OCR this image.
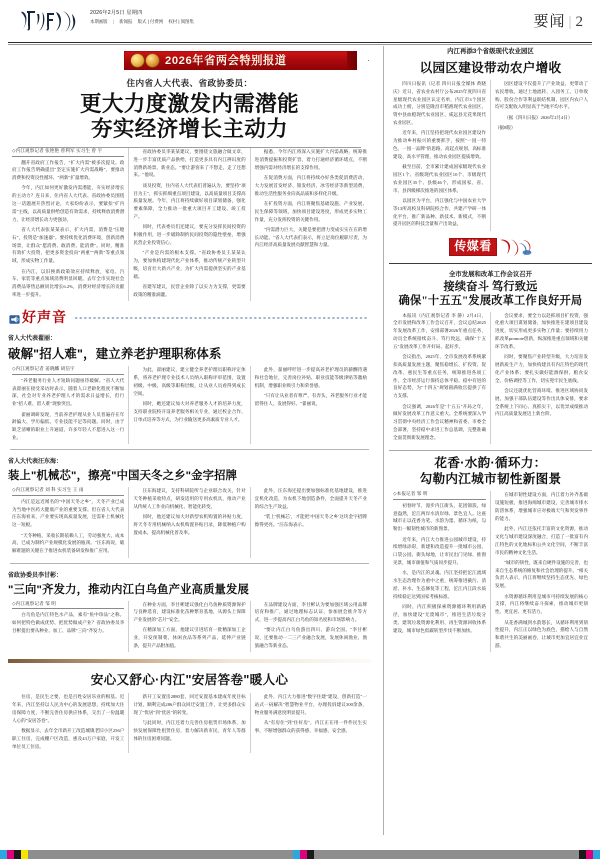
2026年2月5日 星期四
本期画版 | 新闻报 版式 | 付费网 权村 | 阅图集	要闻 | 2
2026年省两会特别报道
住内省人大代表、省政协委员：
更大力度激发内需潜能
夯实经济增长主动力
◇内江观察记者 张艳艳 曾利军 实习生 曾 宇

翻开省政府工作报告，"扩大内需"被多次提及。政府工作报告明确提出"坚定实施扩大内需战略"，要推动消费和投资良性循环、"两新"扩量增效。

今年，内江如何更好激发内需潜能，夯实经济增长的主动力？连日来，住内省人大代表、省政协委员围绕这一话题展开热烈讨论，大家纷纷表示，要紧扣"扩内需"主线，以高质量供给创造有效需求，持续释放消费潜力，让经济增长动力更强劲。

省人大代表张某某表示，扩大内需，消费是"压舱石"，投资是"加速器"。要持续优化消费环境，创新消费场景，让群众"愿消费、敢消费、能消费"。同时，精准有效扩大投资，把更多资金投向"两重""两新"等重点领域，形成实物工作量。

在内江，以旧换新政策效应持续释放，家电、汽车、家装等重点领域消费明显回暖。去年全市实现社会消费品零售总额同比增长6.2%，消费对经济增长的贡献率进一步提升。

省政协委员李某某建议，要围绕文旅融合做文章，进一步丰富优质产品供给，打造更多具有内江辨识度的消费新场景、新业态。"要让游客来了不想走、走了还想来。"他说。

谈及投资，住内省人大代表们普遍认为，要坚持"项目为王"，抓实抓细重点项目建设，以高质量项目支撑高质量发展。今年，内江将持续做好项目谋划储备，强化要素保障，全力推动一批重大项目开工建设、竣工投产。

同时，代表委员们还建议，要充分发挥民间投资的积极作用，进一步破除制约民间投资的隐性壁垒，增强民营企业投资信心。

"产业是内需的根本支撑。"省政协委员王某某认为，要加快构建现代化产业体系，推动传统产业转型升级，培育壮大新兴产业，为扩大内需提供坚实的产业基础。

省建军建议，民营企业除了以实力为支撑，更需要政策的精准滴灌。

据悉，今年内江将深入实施扩大内需战略，统筹推进消费提振和投资扩容，着力打通经济循环堵点，不断增强内需对经济增长的支撑作用。

在促消费方面，内江将持续办好各类促消费活动，大力发展首发经济、银发经济、冰雪经济等新型消费，推动生活性服务业向高品质和多样化升级。

在扩投资方面，内江将聚焦基础设施、产业发展、民生保障等领域，加快项目建设进度，形成更多实物工作量，充分发挥投资的关键作用。

"内需潜力巨大，关键是要把潜力变成实实在在的增长动能。"省人大代表们表示，将立足岗位履职尽责，为内江经济高质量发展贡献智慧和力量。

好声音
省人大代表翟丽：
破解"招人难"，建立养老护理职称体系
◇内江观察记者 姜晓麟 胡信宇

"养老服务行业人才短缺问题亟待破解。"省人大代表翟丽在接受采访时表示，随着人口老龄化程度不断加深，社会对专业养老护理人才的需求日益增长，但行业"招人难、留人难"现象突出。

翟丽调研发现，当前养老护理从业人员普遍存在年龄偏大、学历偏低、专业技能不足等问题。同时，由于缺乏清晰的职业上升通道，许多年轻人不愿进入这一行业。

为此，翟丽建议，建立健全养老护理员职称评定体系，将养老护理专业技术人员纳入职称评审范围，设置初级、中级、高级等职称层级，让从业人员看得到成长空间。

同时，她还建议加大对养老服务人才的培养力度，支持职业院校开设养老服务相关专业，通过校企合作、订单式培养等方式，为行业输送更多高素质专业人才。

此外，翟丽呼吁进一步提高养老护理员的薪酬待遇和社会地位，完善岗位补贴、职业技能等级津贴等激励机制，增强职业吸引力和荣誉感。

"只有让从业者有尊严、有奔头，养老服务行业才能留得住人、发展得好。"翟丽说。

省人大代表汪东海：
装上"机械芯"，擦亮"中国天冬之乡"金字招牌
◇内江观察记者 刘 科 实习生 王 雨

内江是远近闻名的"中国天冬之乡"，天冬产业已成为当地中医药大健康产业的重要支撑。但在省人大代表汪东海看来，产业要实现高质量发展，还需补上机械化这一短板。

"天冬种植、采收长期依赖人工，劳动强度大、成本高，已成为制约产业规模化发展的瓶颈。"汪东海说，破解难题的关键在于推进农机装备研发和推广应用。

汪东海建议，支持科研院所与企业联合攻关，针对天冬种植采收特点，研发适用的专用农机具，推动产业从传统人工作业向机械化、智能化转变。

同时，他还建议加大对新型农机购置的补贴力度，将天冬专用机械纳入农机购置补贴目录，降低种植户购置成本，提高机械化普及率。

此外，汪东海还提出要加强标准化基地建设，推进宜机化改造，为农机下地创造条件，全面提升天冬产业的综合生产效益。

"装上'机械芯'，才能把'中国天冬之乡'这块金字招牌擦得更亮。"汪东海表示。

省政协委员李甘彬：
"三向"齐发力，推动内江白乌鱼产业高质量发展
◇内江观察记者 邹 明

白乌鱼是内江特色水产品，素有"鱼中珍品"之称。如何把特色做成优势、把优势做成产业？省政协委员李甘彬提出要从种业、加工、品牌"三向"齐发力。

在种业方面，李甘彬建议强化白乌鱼种质资源保护与良种选育，建设标准化苗种繁育基地，从源头上保障产业发展的"芯片"安全。

在精深加工方面，他建议引进培育一批精深加工企业，开发预制菜、休闲食品等系列产品，延伸产业链条，提升产品附加值。

在品牌建设方面，李甘彬认为要加强区域公用品牌培育和推广，通过地理标志认证、参加展会推介等方式，进一步提高内江白乌鱼的知名度和市场影响力。

"要让内江白乌鱼游出四川、游向全国。"李甘彬说，还要推动一二三产业融合发展，发展休闲渔业、渔旅融合等新业态。

安心又舒心·内江"安居答卷"暖人心

住房，是民生之要，也是百姓安居乐业的根基。近年来，内江坚持以人民为中心的发展思想，持续加大住房保障力度，不断完善住房供应体系，交出了一份温暖人心的"安居答卷"。

数据显示，去年全市新开工改造城镇老旧小区256户职工住房，完成棚户区改造，惠及43万户家庭，开发工单位员工住房。

新开工安置房2880套，回迁安置基本建成年度目标计划，顺利完成286户群众回迁安置工作，让更多群众实现了"忧居"到"优居"的转变。

与此同时，内江还着力完善住房租赁市场体系，加快发展保障性租赁住房，着力解决新市民、青年人等群体的住房困难问题。

此外，内江大力推进"数字住建"建设，创新打造"一站式一码解决"智慧物业平台，办理投诉建议300余条，物业服务满意度明显提升。

从"有房住"到"住好房"，内江正在用一件件民生实事，不断增强群众的获得感、幸福感、安全感。

内江再添3个省级现代农业园区
以园区建设带动农户增收

四川日报讯（记者 四川日报全媒体 黄晓庆）近日，省农业农村厅公布2025年度四川省星级现代农业园区认定名单，内江市3个园区成功上榜，分别是隆昌市稻渔现代农业园区、资中县血橙现代农业园区、威远县无花果现代农业园区。

近年来，内江坚持把现代农业园区建设作为推动乡村振兴的重要抓手，按照"一园一特色、一园一品牌"的思路，高起点规划、高标准建设、高水平管理，推动农业园区提质增效。

截至目前，全市累计建成国家级现代农业园区1个、省级现代农业园区10个、市级现代农业园区35个、县级46个，形成国家、省、市、县四级梯次推进的园区体系。

以园区为平台，内江强化与中国农业大学等13所高校及科研院校合作，共建产学研一体化平台，推广新品种、新技术、新模式，不断提升园区的科技含量和产出效益。

园区建设不仅提升了产业效益，更带动了农民增收。通过土地流转、入园务工、订单收购、股份合作等利益联结机制，园区内农户人均可支配收入明显高于当地平均水平。

（据《四川日报》2026年2月4日）

（据8版）

传媒看
全市发展和改革工作会议召开
接续奋斗 笃行致远
确保"十五五"发展改革工作良好开局

本报讯（内江观察记者 李 静）2月4日，全市发展和改革工作会议召开，会议总结2025年发展改革工作，安排部署2026年重点任务，动员全系统接续奋斗、笃行致远，确保"十五五"发展改革工作开好局、起好步。

会议指出，2025年，全市发展改革系统紧扣高质量发展主题，聚焦稳增长、扩投资、促改革、惠民生等重点任务，统筹推进各项工作，全市经济运行保持总体平稳、稳中有进的良好态势，为"十四五"规划圆满收官提供了有力支撑。

会议强调，2026年是"十五五"开局之年，做好发展改革工作意义重大。全系统要深入学习贯彻中央经济工作会议精神和省委、市委全会部署，坚持稳中求进工作总基调，完整准确全面贯彻新发展理念。

会议要求，要全力以赴抓项目扩投资，强化重大项目谋划储备，加快推进在建项目建设进度，切实形成更多实物工作量；要持续用力抓改革promote创新，纵深推进重点领域和关键环节改革。

同时，要聚焦产业转型升级，大力培育发展新质生产力，加快构建具有内江特色的现代化产业体系；要扎实做好能源保供、粮食安全、价格调控等工作，切实兜牢民生底线。

会议还就优化营商环境、推进区域协同发展、加强干部队伍建设等作出具体安排，要求全系统上下同心、真抓实干，以优异成绩推动内江高质量发展迈上新台阶。

花香·水韵·循环力：
勾勒内江城市韧性新图景
◇本报记者 邹 明

初春时节，漫步内江街头，花团锦簇、绿意盎然，沱江两岸水清岸绿、景色宜人。这座城市正以花香为笔、水韵为墨、循环为纸，勾勒出一幅韧性城市的新图景。

近年来，内江大力推进公园城市建设，持续增绿添彩，新建和改造提升一批城市公园、口袋公园、街头绿地，让市民出门见绿、推窗见景，城市颜值和气质同步提升。

水，是内江的灵魂。内江坚持把沱江流域水生态治理作为重中之重，统筹推进截污、清淤、补水、生态修复等工程，沱江内江段水质持续稳定达到国家考核标准。

同时，内江积极探索资源循环利用新路径，加快建设"无废城市"，推进生活垃圾分类、建筑垃圾资源化利用、再生资源回收体系建设，城市绿色低碳转型步伐不断加快。

在城市韧性建设方面，内江着力补齐基础设施短板，推进海绵城市建设，完善城市排水防涝体系，增强城市应对极端天气和突发事件的能力。

此外，内江还依托丰富的文化资源，推动文化与城市建设深度融合，打造了一批富有内江特色的文化地标和公共文化空间，不断丰富市民的精神文化生活。

"城市的韧性，既来自硬件设施的完善，也来自生态系统的修复和社会治理的提升。"相关负责人表示，内江将继续坚持生态优先、绿色发展。

水资源循环利用是城市可持续发展的核心支撑，内江将继续奋斗探索，推动城市更韧性、更宜居、更有活力。

从花香满城到水韵悠长，从循环利用到韧性提升，内江正以绿色为底色，描绘人与自然和谐共生的美丽画卷，让城市更加宜居宜业宜游。
